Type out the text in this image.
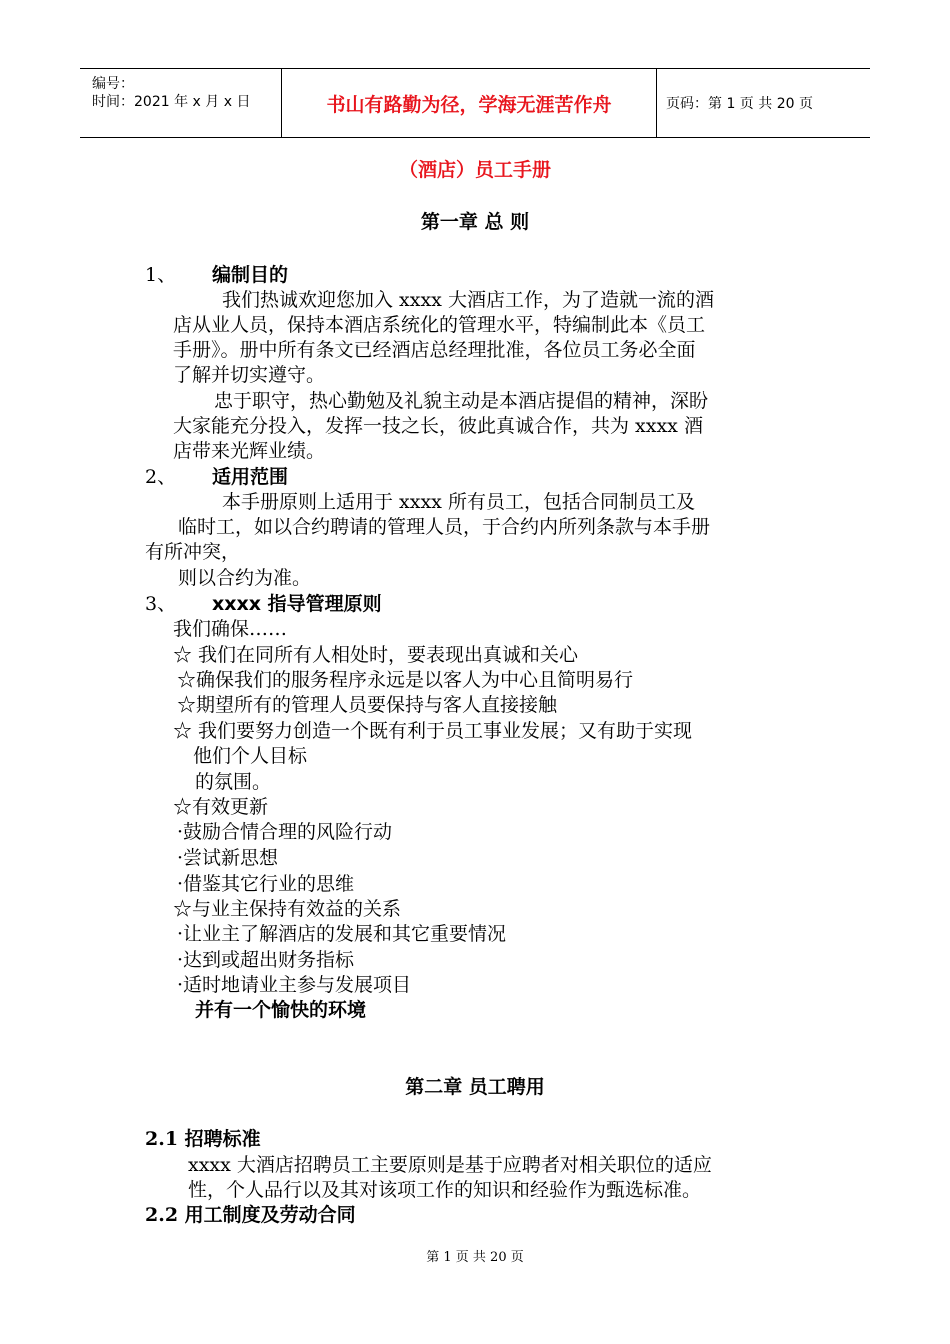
编号：
时间：2021 年 x 月 x 日	书山有路勤为径，学海无涯苦作舟	页码：第 1 页 共 20 页
（酒店）员工手册
第一章 总 则
1、 编制目的
我们热诚欢迎您加入 xxxx 大酒店工作，为了造就一流的酒
店从业人员，保持本酒店系统化的管理水平，特编制此本《员工
手册》。册中所有条文已经酒店总经理批准，各位员工务必全面
了解并切实遵守。
忠于职守，热心勤勉及礼貌主动是本酒店提倡的精神，深盼
大家能充分投入，发挥一技之长，彼此真诚合作，共为 xxxx 酒
店带来光辉业绩。
2、 适用范围
本手册原则上适用于 xxxx 所有员工，包括合同制员工及
临时工，如以合约聘请的管理人员，于合约内所列条款与本手册
有所冲突，
则以合约为准。
3、 xxxx 指导管理原则
我们确保……
☆ 我们在同所有人相处时，要表现出真诚和关心
☆确保我们的服务程序永远是以客人为中心且简明易行
☆期望所有的管理人员要保持与客人直接接触
☆ 我们要努力创造一个既有利于员工事业发展；又有助于实现
他们个人目标
的氛围。
☆有效更新
·鼓励合情合理的风险行动
·尝试新思想
·借鉴其它行业的思维
☆与业主保持有效益的关系
·让业主了解酒店的发展和其它重要情况
·达到或超出财务指标
·适时地请业主参与发展项目
并有一个愉快的环境
第二章 员工聘用
2.1 招聘标准
xxxx 大酒店招聘员工主要原则是基于应聘者对相关职位的适应
性，个人品行以及其对该项工作的知识和经验作为甄选标准。
2.2 用工制度及劳动合同
第 1 页 共 20 页
